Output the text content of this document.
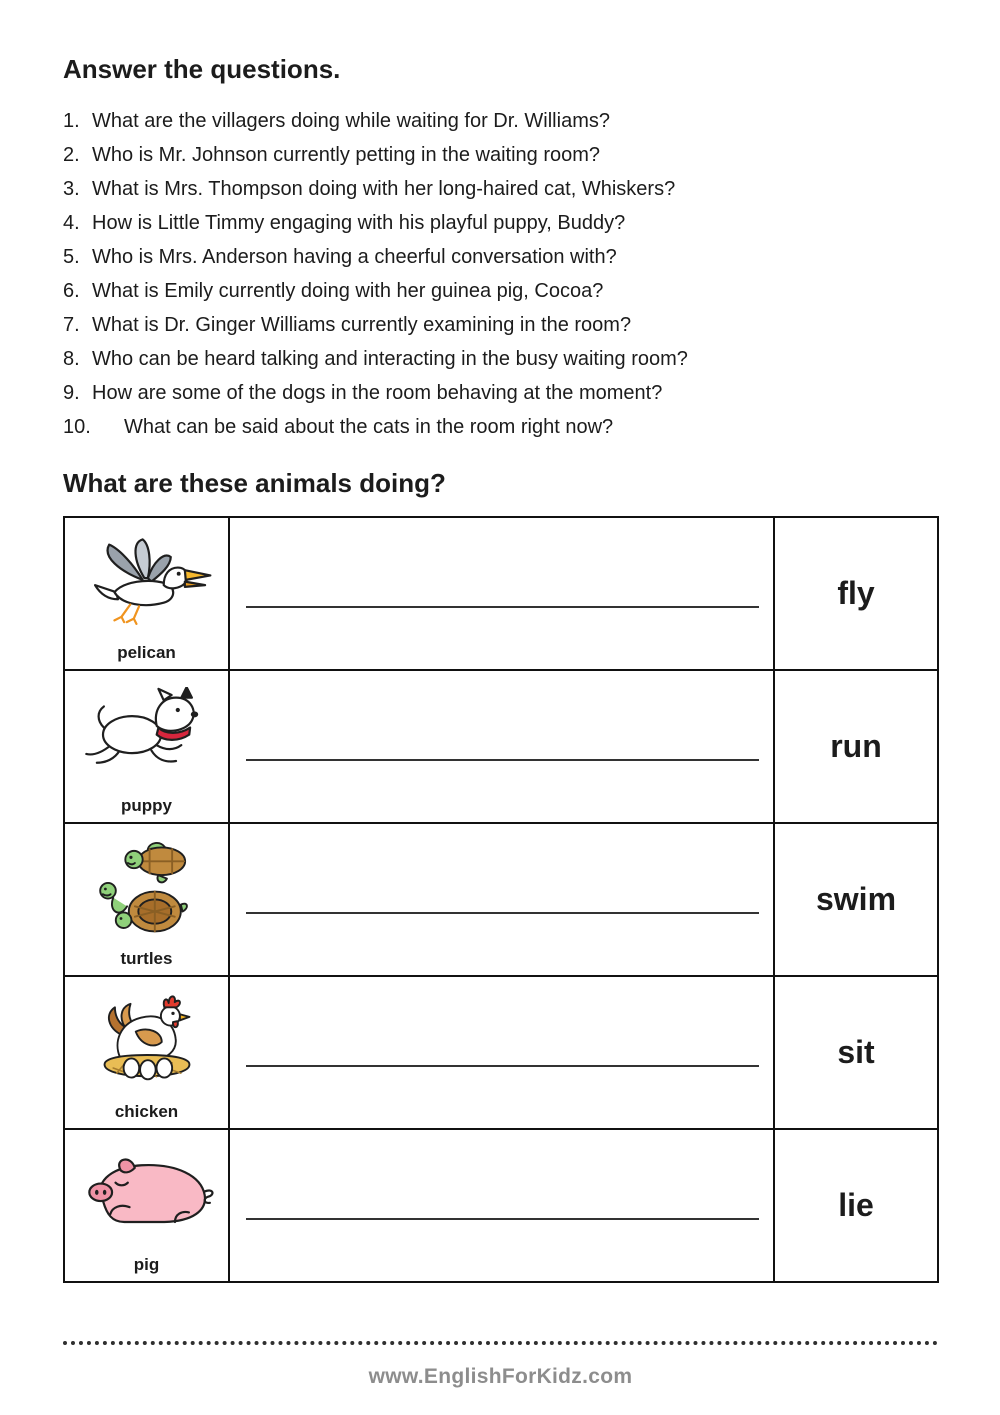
Answer the questions.
1. What are the villagers doing while waiting for Dr. Williams?
2. Who is Mr. Johnson currently petting in the waiting room?
3. What is Mrs. Thompson doing with her long-haired cat, Whiskers?
4. How is Little Timmy engaging with his playful puppy, Buddy?
5. Who is Mrs. Anderson having a cheerful conversation with?
6. What is Emily currently doing with her guinea pig, Cocoa?
7. What is Dr. Ginger Williams currently examining in the room?
8. Who can be heard talking and interacting in the busy waiting room?
9. How are some of the dogs in the room behaving at the moment?
10.	What can be said about the cats in the room right now?
What are these animals doing?
pelican		fly

puppy		run

turtles		swim

chicken		sit

pig		lie
www.EnglishForKidz.com
